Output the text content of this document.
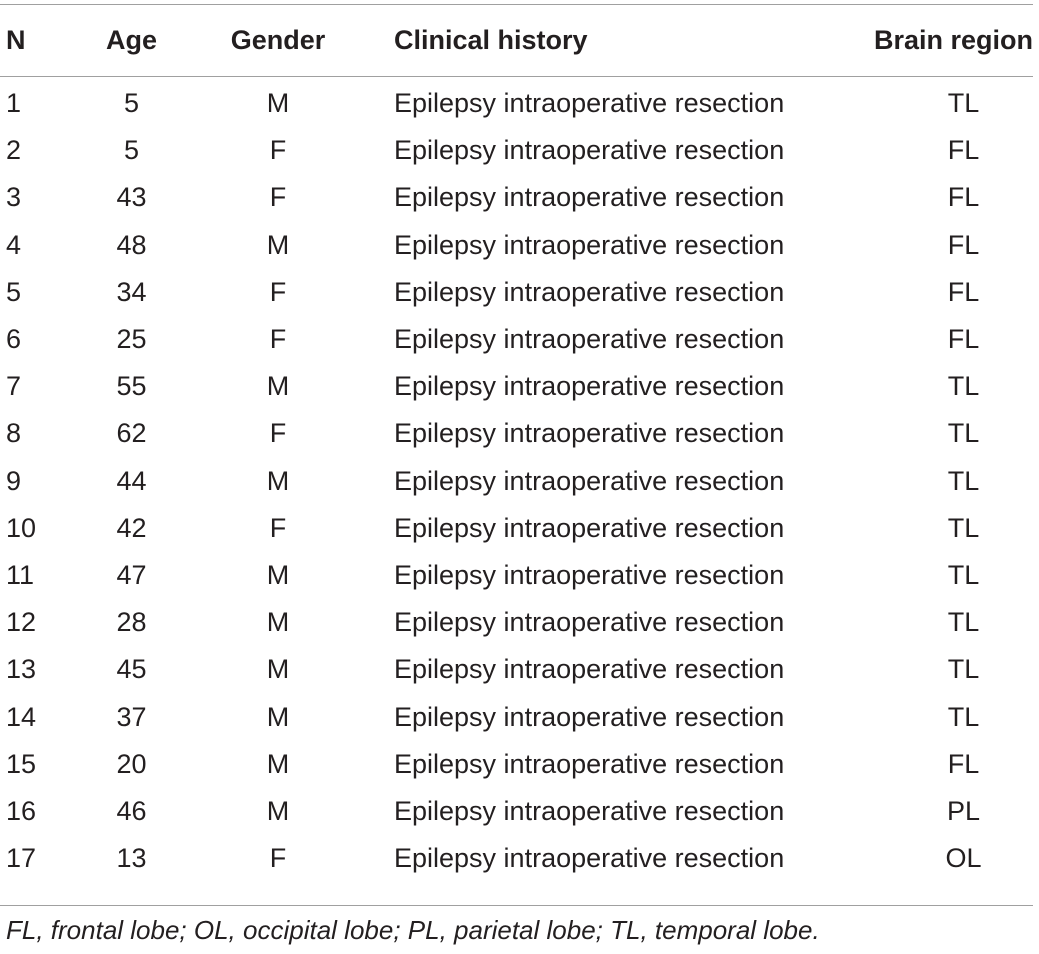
N	Age	Gender	Clinical history	Brain region
1	5	M	Epilepsy intraoperative resection	TL
2	5	F	Epilepsy intraoperative resection	FL
3	43	F	Epilepsy intraoperative resection	FL
4	48	M	Epilepsy intraoperative resection	FL
5	34	F	Epilepsy intraoperative resection	FL
6	25	F	Epilepsy intraoperative resection	FL
7	55	M	Epilepsy intraoperative resection	TL
8	62	F	Epilepsy intraoperative resection	TL
9	44	M	Epilepsy intraoperative resection	TL
10	42	F	Epilepsy intraoperative resection	TL
11	47	M	Epilepsy intraoperative resection	TL
12	28	M	Epilepsy intraoperative resection	TL
13	45	M	Epilepsy intraoperative resection	TL
14	37	M	Epilepsy intraoperative resection	TL
15	20	M	Epilepsy intraoperative resection	FL
16	46	M	Epilepsy intraoperative resection	PL
17	13	F	Epilepsy intraoperative resection	OL
FL, frontal lobe; OL, occipital lobe; PL, parietal lobe; TL, temporal lobe.
